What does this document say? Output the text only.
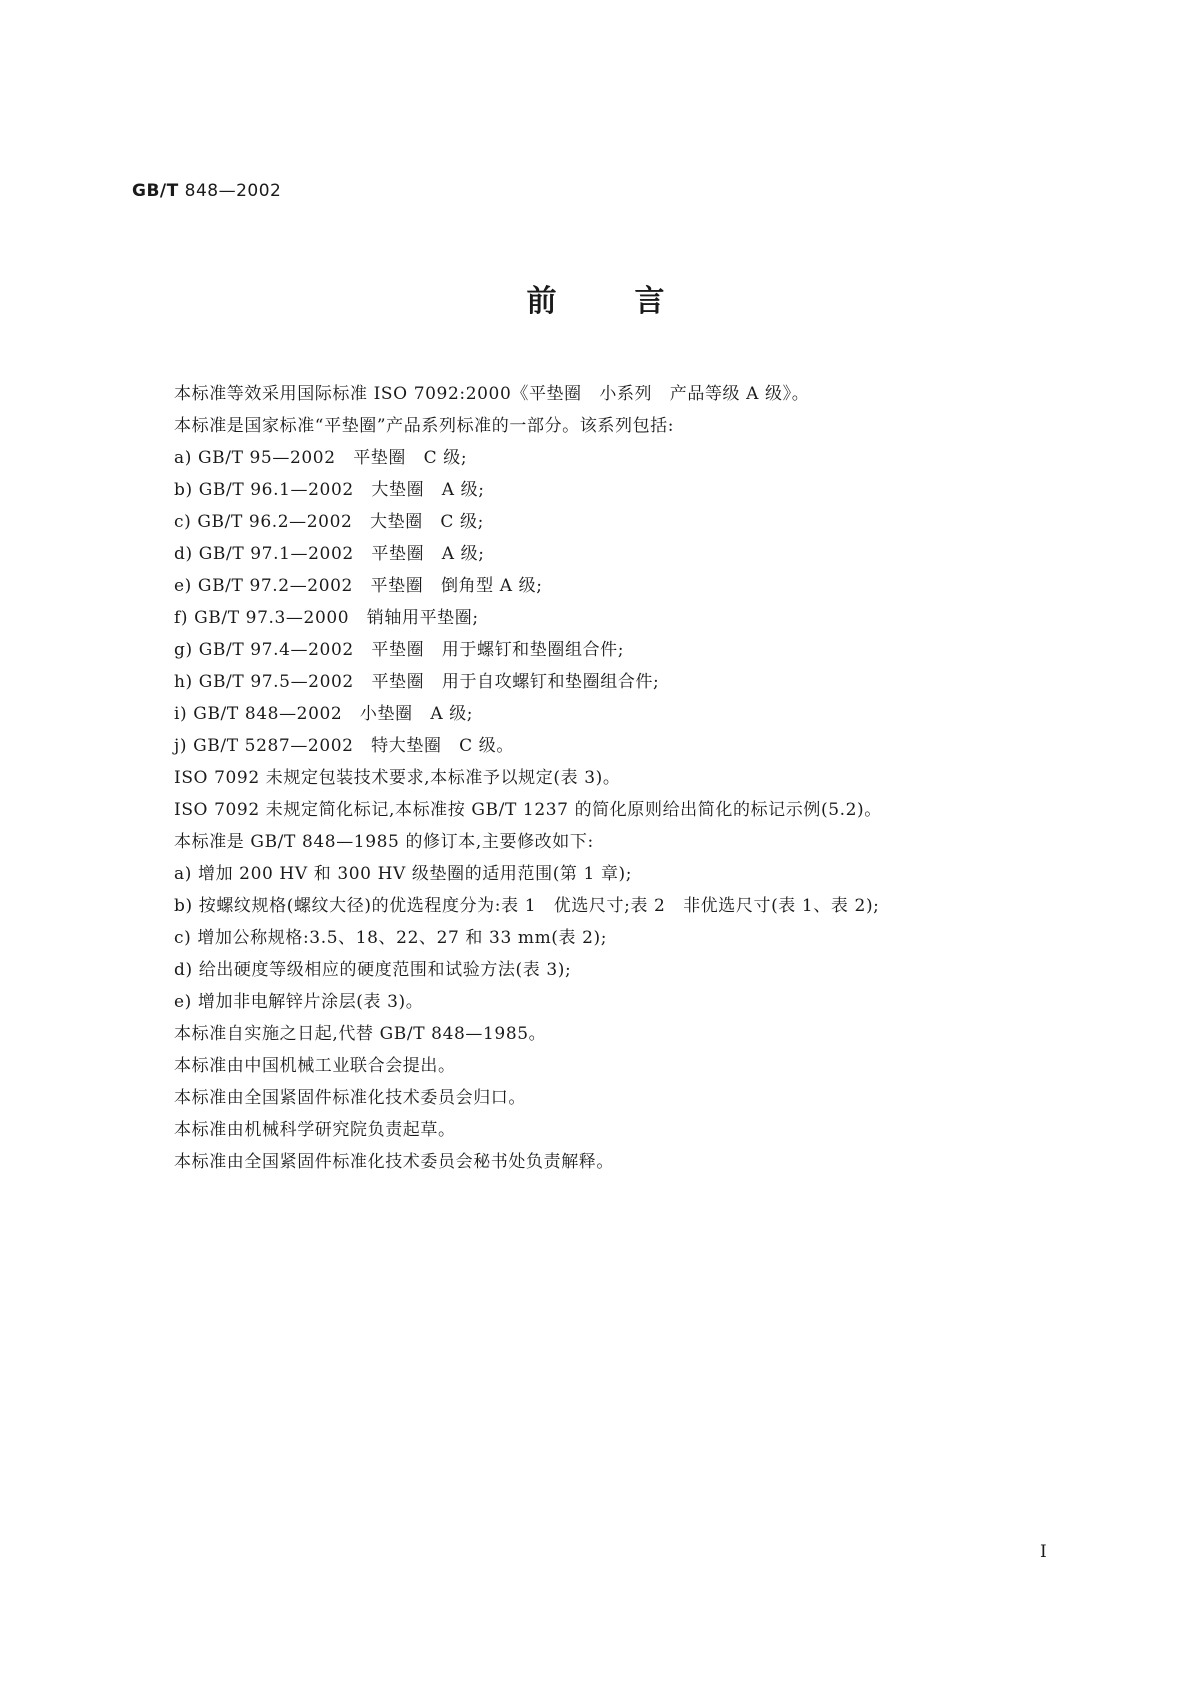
GB/T 848—2002
前言
本标准等效采用国际标准 ISO 7092:2000《平垫圈　小系列　产品等级 A 级》。
本标准是国家标准“平垫圈”产品系列标准的一部分。该系列包括:
a) GB/T 95—2002　平垫圈　C 级;
b) GB/T 96.1—2002　大垫圈　A 级;
c) GB/T 96.2—2002　大垫圈　C 级;
d) GB/T 97.1—2002　平垫圈　A 级;
e) GB/T 97.2—2002　平垫圈　倒角型 A 级;
f) GB/T 97.3—2000　销轴用平垫圈;
g) GB/T 97.4—2002　平垫圈　用于螺钉和垫圈组合件;
h) GB/T 97.5—2002　平垫圈　用于自攻螺钉和垫圈组合件;
i) GB/T 848—2002　小垫圈　A 级;
j) GB/T 5287—2002　特大垫圈　C 级。
ISO 7092 未规定包装技术要求,本标准予以规定(表 3)。
ISO 7092 未规定简化标记,本标准按 GB/T 1237 的简化原则给出简化的标记示例(5.2)。
本标准是 GB/T 848—1985 的修订本,主要修改如下:
a) 增加 200 HV 和 300 HV 级垫圈的适用范围(第 1 章);
b) 按螺纹规格(螺纹大径)的优选程度分为:表 1　优选尺寸;表 2　非优选尺寸(表 1、表 2);
c) 增加公称规格:3.5、18、22、27 和 33 mm(表 2);
d) 给出硬度等级相应的硬度范围和试验方法(表 3);
e) 增加非电解锌片涂层(表 3)。
本标准自实施之日起,代替 GB/T 848—1985。
本标准由中国机械工业联合会提出。
本标准由全国紧固件标准化技术委员会归口。
本标准由机械科学研究院负责起草。
本标准由全国紧固件标准化技术委员会秘书处负责解释。
I
